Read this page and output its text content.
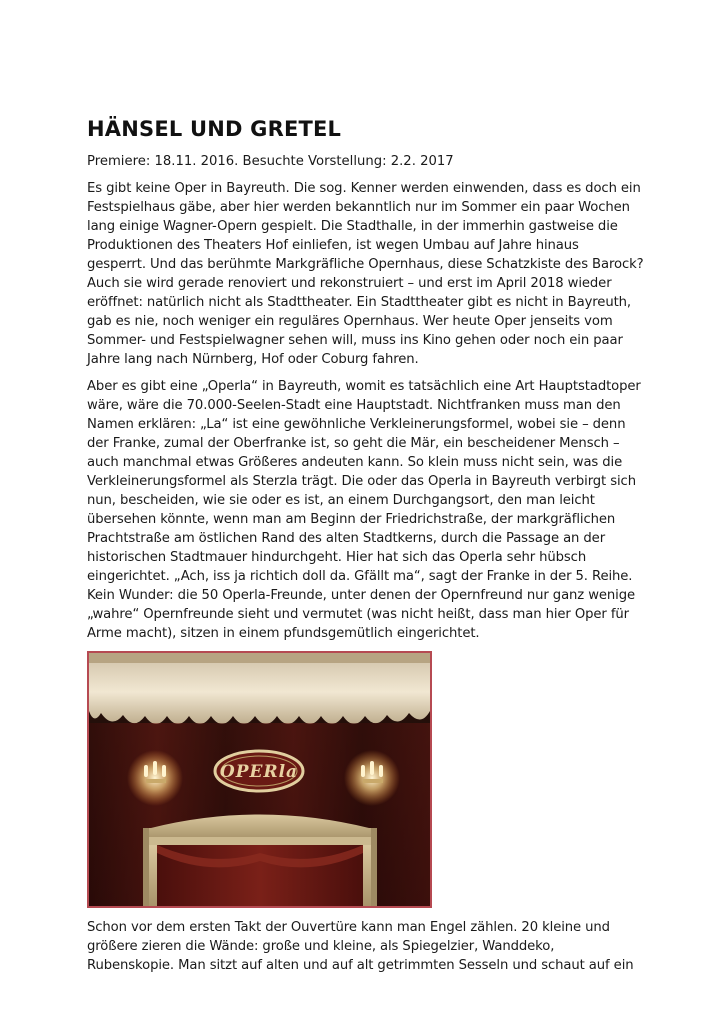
HÄNSEL UND GRETEL
Premiere: 18.11. 2016. Besuchte Vorstellung: 2.2. 2017

Es gibt keine Oper in Bayreuth. Die sog. Kenner werden einwenden, dass es doch ein
Festspielhaus gäbe, aber hier werden bekanntlich nur im Sommer ein paar Wochen
lang einige Wagner-Opern gespielt. Die Stadthalle, in der immerhin gastweise die
Produktionen des Theaters Hof einliefen, ist wegen Umbau auf Jahre hinaus
gesperrt. Und das berühmte Markgräfliche Opernhaus, diese Schatzkiste des Barock?
Auch sie wird gerade renoviert und rekonstruiert – und erst im April 2018 wieder
eröffnet: natürlich nicht als Stadttheater. Ein Stadttheater gibt es nicht in Bayreuth,
gab es nie, noch weniger ein reguläres Opernhaus. Wer heute Oper jenseits vom
Sommer- und Festspielwagner sehen will, muss ins Kino gehen oder noch ein paar
Jahre lang nach Nürnberg, Hof oder Coburg fahren.

Aber es gibt eine „Operla“ in Bayreuth, womit es tatsächlich eine Art Hauptstadtoper
wäre, wäre die 70.000-Seelen-Stadt eine Hauptstadt. Nichtfranken muss man den
Namen erklären: „La“ ist eine gewöhnliche Verkleinerungsformel, wobei sie – denn
der Franke, zumal der Oberfranke ist, so geht die Mär, ein bescheidener Mensch –
auch manchmal etwas Größeres andeuten kann. So klein muss nicht sein, was die
Verkleinerungsformel als Sterzla trägt. Die oder das Operla in Bayreuth verbirgt sich
nun, bescheiden, wie sie oder es ist, an einem Durchgangsort, den man leicht
übersehen könnte, wenn man am Beginn der Friedrichstraße, der markgräflichen
Prachtstraße am östlichen Rand des alten Stadtkerns, durch die Passage an der
historischen Stadtmauer hindurchgeht. Hier hat sich das Operla sehr hübsch
eingerichtet. „Ach, iss ja richtich doll da. Gfällt ma“, sagt der Franke in der 5. Reihe.
Kein Wunder: die 50 Operla-Freunde, unter denen der Opernfreund nur ganz wenige
„wahre“ Opernfreunde sieht und vermutet (was nicht heißt, dass man hier Oper für
Arme macht), sitzen in einem pfundsgemütlich eingerichtet.

OPERla

Schon vor dem ersten Takt der Ouvertüre kann man Engel zählen. 20 kleine und
größere zieren die Wände: große und kleine, als Spiegelzier, Wanddeko,
Rubenskopie. Man sitzt auf alten und auf alt getrimmten Sesseln und schaut auf ein
